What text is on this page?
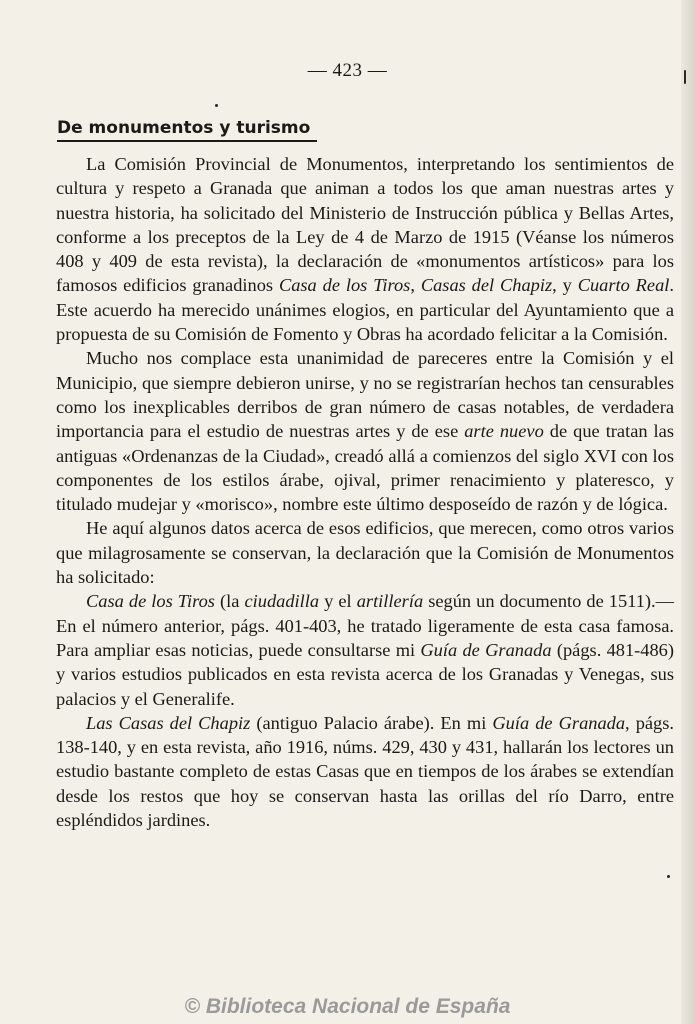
— 423 —
De monumentos y turismo

La Comisión Provincial de Monumentos, interpretando los sentimientos de cultura y respeto a Granada que animan a todos los que aman nuestras artes y nuestra historia, ha solicitado del Ministerio de Instrucción pública y Bellas Artes, conforme a los preceptos de la Ley de 4 de Marzo de 1915 (Véanse los números 408 y 409 de esta revista), la declaración de «monumentos artísticos» para los famosos edificios granadinos Casa de los Tiros, Casas del Chapiz, y Cuarto Real. Este acuerdo ha merecido unánimes elogios, en particular del Ayuntamiento que a propuesta de su Comisión de Fomento y Obras ha acordado felicitar a la Comisión.

Mucho nos complace esta unanimidad de pareceres entre la Comisión y el Municipio, que siempre debieron unirse, y no se registrarían hechos tan censurables como los inexplicables derribos de gran número de casas notables, de verdadera importancia para el estudio de nuestras artes y de ese arte nuevo de que tratan las antiguas «Ordenanzas de la Ciudad», creadó allá a comienzos del siglo XVI con los componentes de los estilos árabe, ojival, primer renacimiento y plateresco, y titulado mudejar y «morisco», nombre este último desposeído de razón y de lógica.

He aquí algunos datos acerca de esos edificios, que merecen, como otros varios que milagrosamente se conservan, la declaración que la Comisión de Monumentos ha solicitado:

Casa de los Tiros (la ciudadilla y el artillería según un documento de 1511).—En el número anterior, págs. 401-403, he tratado ligeramente de esta casa famosa. Para ampliar esas noticias, puede consultarse mi Guía de Granada (págs. 481-486) y varios estudios publicados en esta revista acerca de los Granadas y Venegas, sus palacios y el Generalife.

Las Casas del Chapiz (antiguo Palacio árabe). En mi Guía de Granada, págs. 138-140, y en esta revista, año 1916, núms. 429, 430 y 431, hallarán los lectores un estudio bastante completo de estas Casas que en tiempos de los árabes se extendían desde los restos que hoy se conservan hasta las orillas del río Darro, entre espléndidos jardines.

© Biblioteca Nacional de España
